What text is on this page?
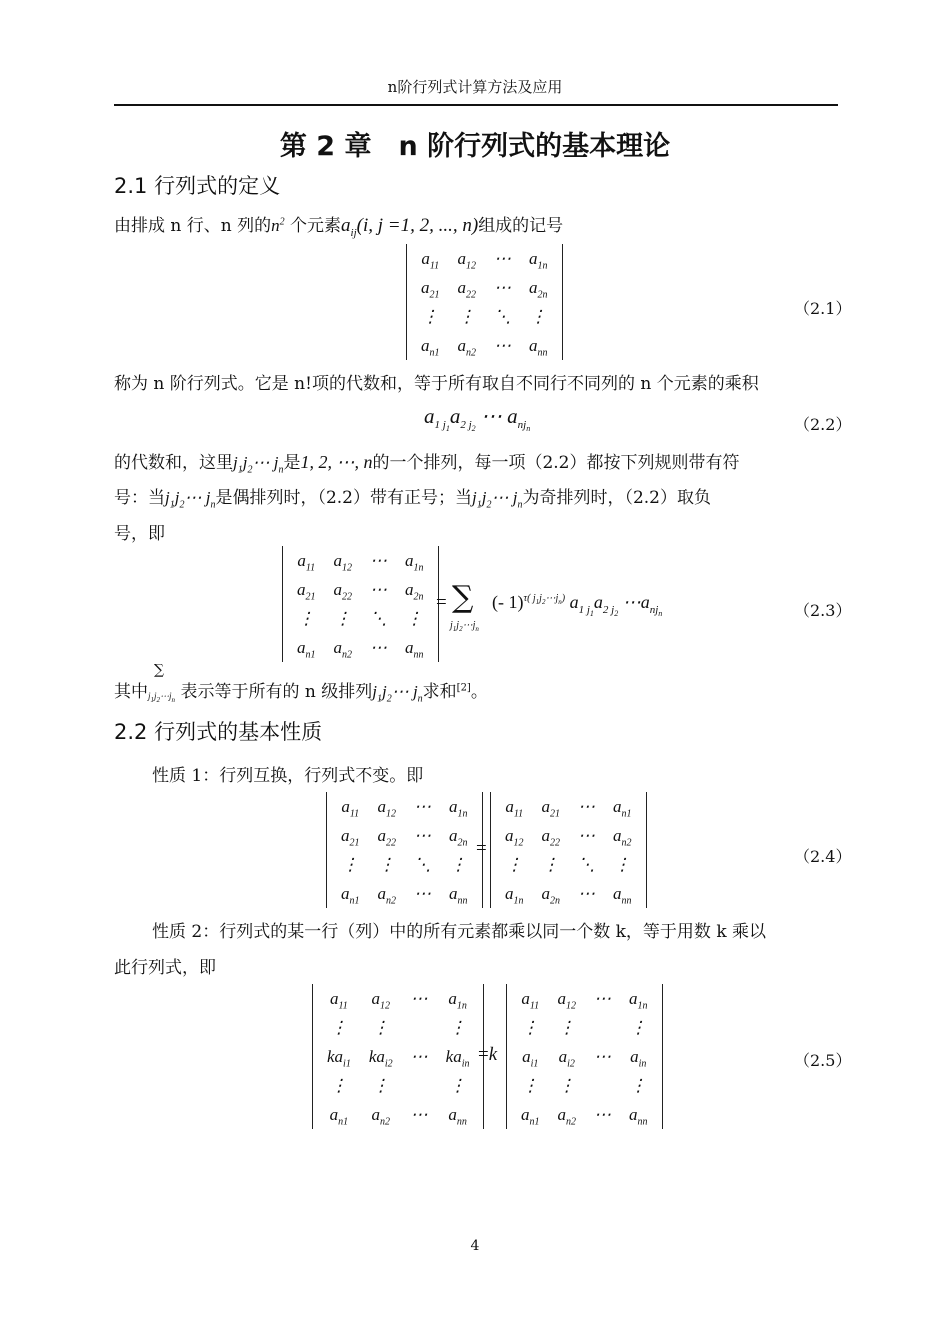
n阶行列式计算方法及应用
第 2 章　n 阶行列式的基本理论
2.1 行列式的定义
由排成 n 行、n 列的$n^2$ 个元素$a_{ij}(i$, j =1, 2, ..., n)组成的记号
$a_{11}$	$a_{12}$	⋯	$a_{1n}$
$a_{21}$	$a_{22}$	⋯	$a_{2n}$
⋮	⋮	⋱	⋮
$a_{n1}$	$a_{n2}$	⋯	$a_{nn}$
（2.1）
称为 n 阶行列式。它是 n!项的代数和，等于所有取自不同行不同列的 n 个元素的乘积
$a_{1 j_1}a_{2 j_2}$ ⋯ $a_{nj_n}$	（2.2）
的代数和，这里$j_1j_2\cdots$ $j_n$是1, 2, ⋯, n的一个排列，每一项（2.2）都按下列规则带有符
号：当$j_1j_2\cdots$ $j_n$是偶排列时，（2.2）带有正号；当$j_1j_2\cdots$ $j_n$为奇排列时，（2.2）取负
号，即
$a_{11}$	$a_{12}$	⋯	$a_{1n}$
$a_{21}$	$a_{22}$	⋯	$a_{2n}$
⋮	⋮	⋱	⋮
$a_{n1}$	$a_{n2}$	⋯	$a_{nn}$
= ∑
$j_1j_2\cdots j_n$
(- 1)$^{\tau( j_1j_2\cdots j_n)}$ $a_{1 j_1}a_{2 j_2}$ $\cdots a_{nj_n}$	（2.3）
其中$j_1j_2\cdots j_n$ 表示等于所有的 n 级排列$j_1j_2\cdots$ $j_n$求和[2]。
∑
2.2 行列式的基本性质
性质 1：行列互换，行列式不变。即
$a_{11}$	$a_{12}$	⋯	$a_{1n}$
$a_{21}$	$a_{22}$	⋯	$a_{2n}$
⋮	⋮	⋱	⋮
$a_{n1}$	$a_{n2}$	⋯	$a_{nn}$
=
$a_{11}$	$a_{21}$	⋯	$a_{n1}$
$a_{12}$	$a_{22}$	⋯	$a_{n2}$
⋮	⋮	⋱	⋮
$a_{1n}$	$a_{2n}$	⋯	$a_{nn}$
（2.4）
性质 2：行列式的某一行（列）中的所有元素都乘以同一个数 k，等于用数 k 乘以
此行列式，即
$a_{11}$	$a_{12}$	⋯	$a_{1n}$
⋮	⋮		⋮
$ka_{i1}$	$ka_{i2}$	⋯	$ka_{in}$
⋮	⋮		⋮
$a_{n1}$	$a_{n2}$	⋯	$a_{nn}$
=k
$a_{11}$	$a_{12}$	⋯	$a_{1n}$
⋮	⋮		⋮
$a_{i1}$	$a_{i2}$	⋯	$a_{in}$
⋮	⋮		⋮
$a_{n1}$	$a_{n2}$	⋯	$a_{nn}$
（2.5）
4
